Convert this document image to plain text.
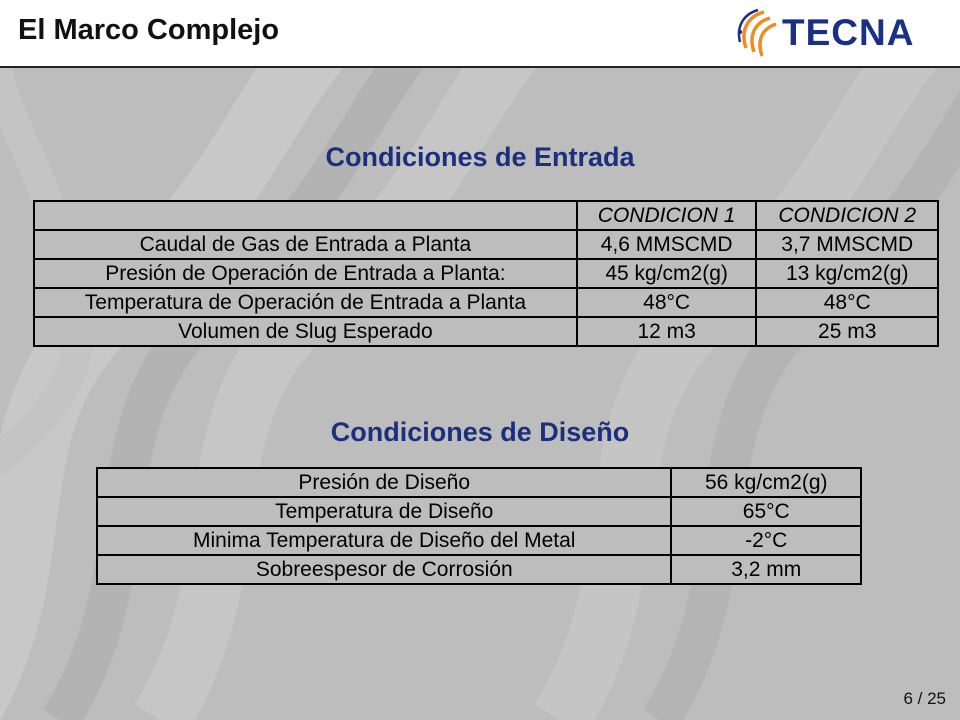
El Marco Complejo	TECNA
Condiciones de Entrada
	CONDICION 1	CONDICION 2
Caudal de Gas de Entrada a Planta	4,6 MMSCMD	3,7 MMSCMD
Presión de Operación de Entrada a Planta:	45 kg/cm2(g)	13 kg/cm2(g)
Temperatura de Operación de Entrada a Planta	48°C	48°C
Volumen de Slug Esperado	12 m3	25 m3
Condiciones de Diseño
Presión de Diseño	56 kg/cm2(g)
Temperatura de Diseño	65°C
Minima Temperatura de Diseño del Metal	-2°C
Sobreespesor de Corrosión	3,2 mm
6 / 25
